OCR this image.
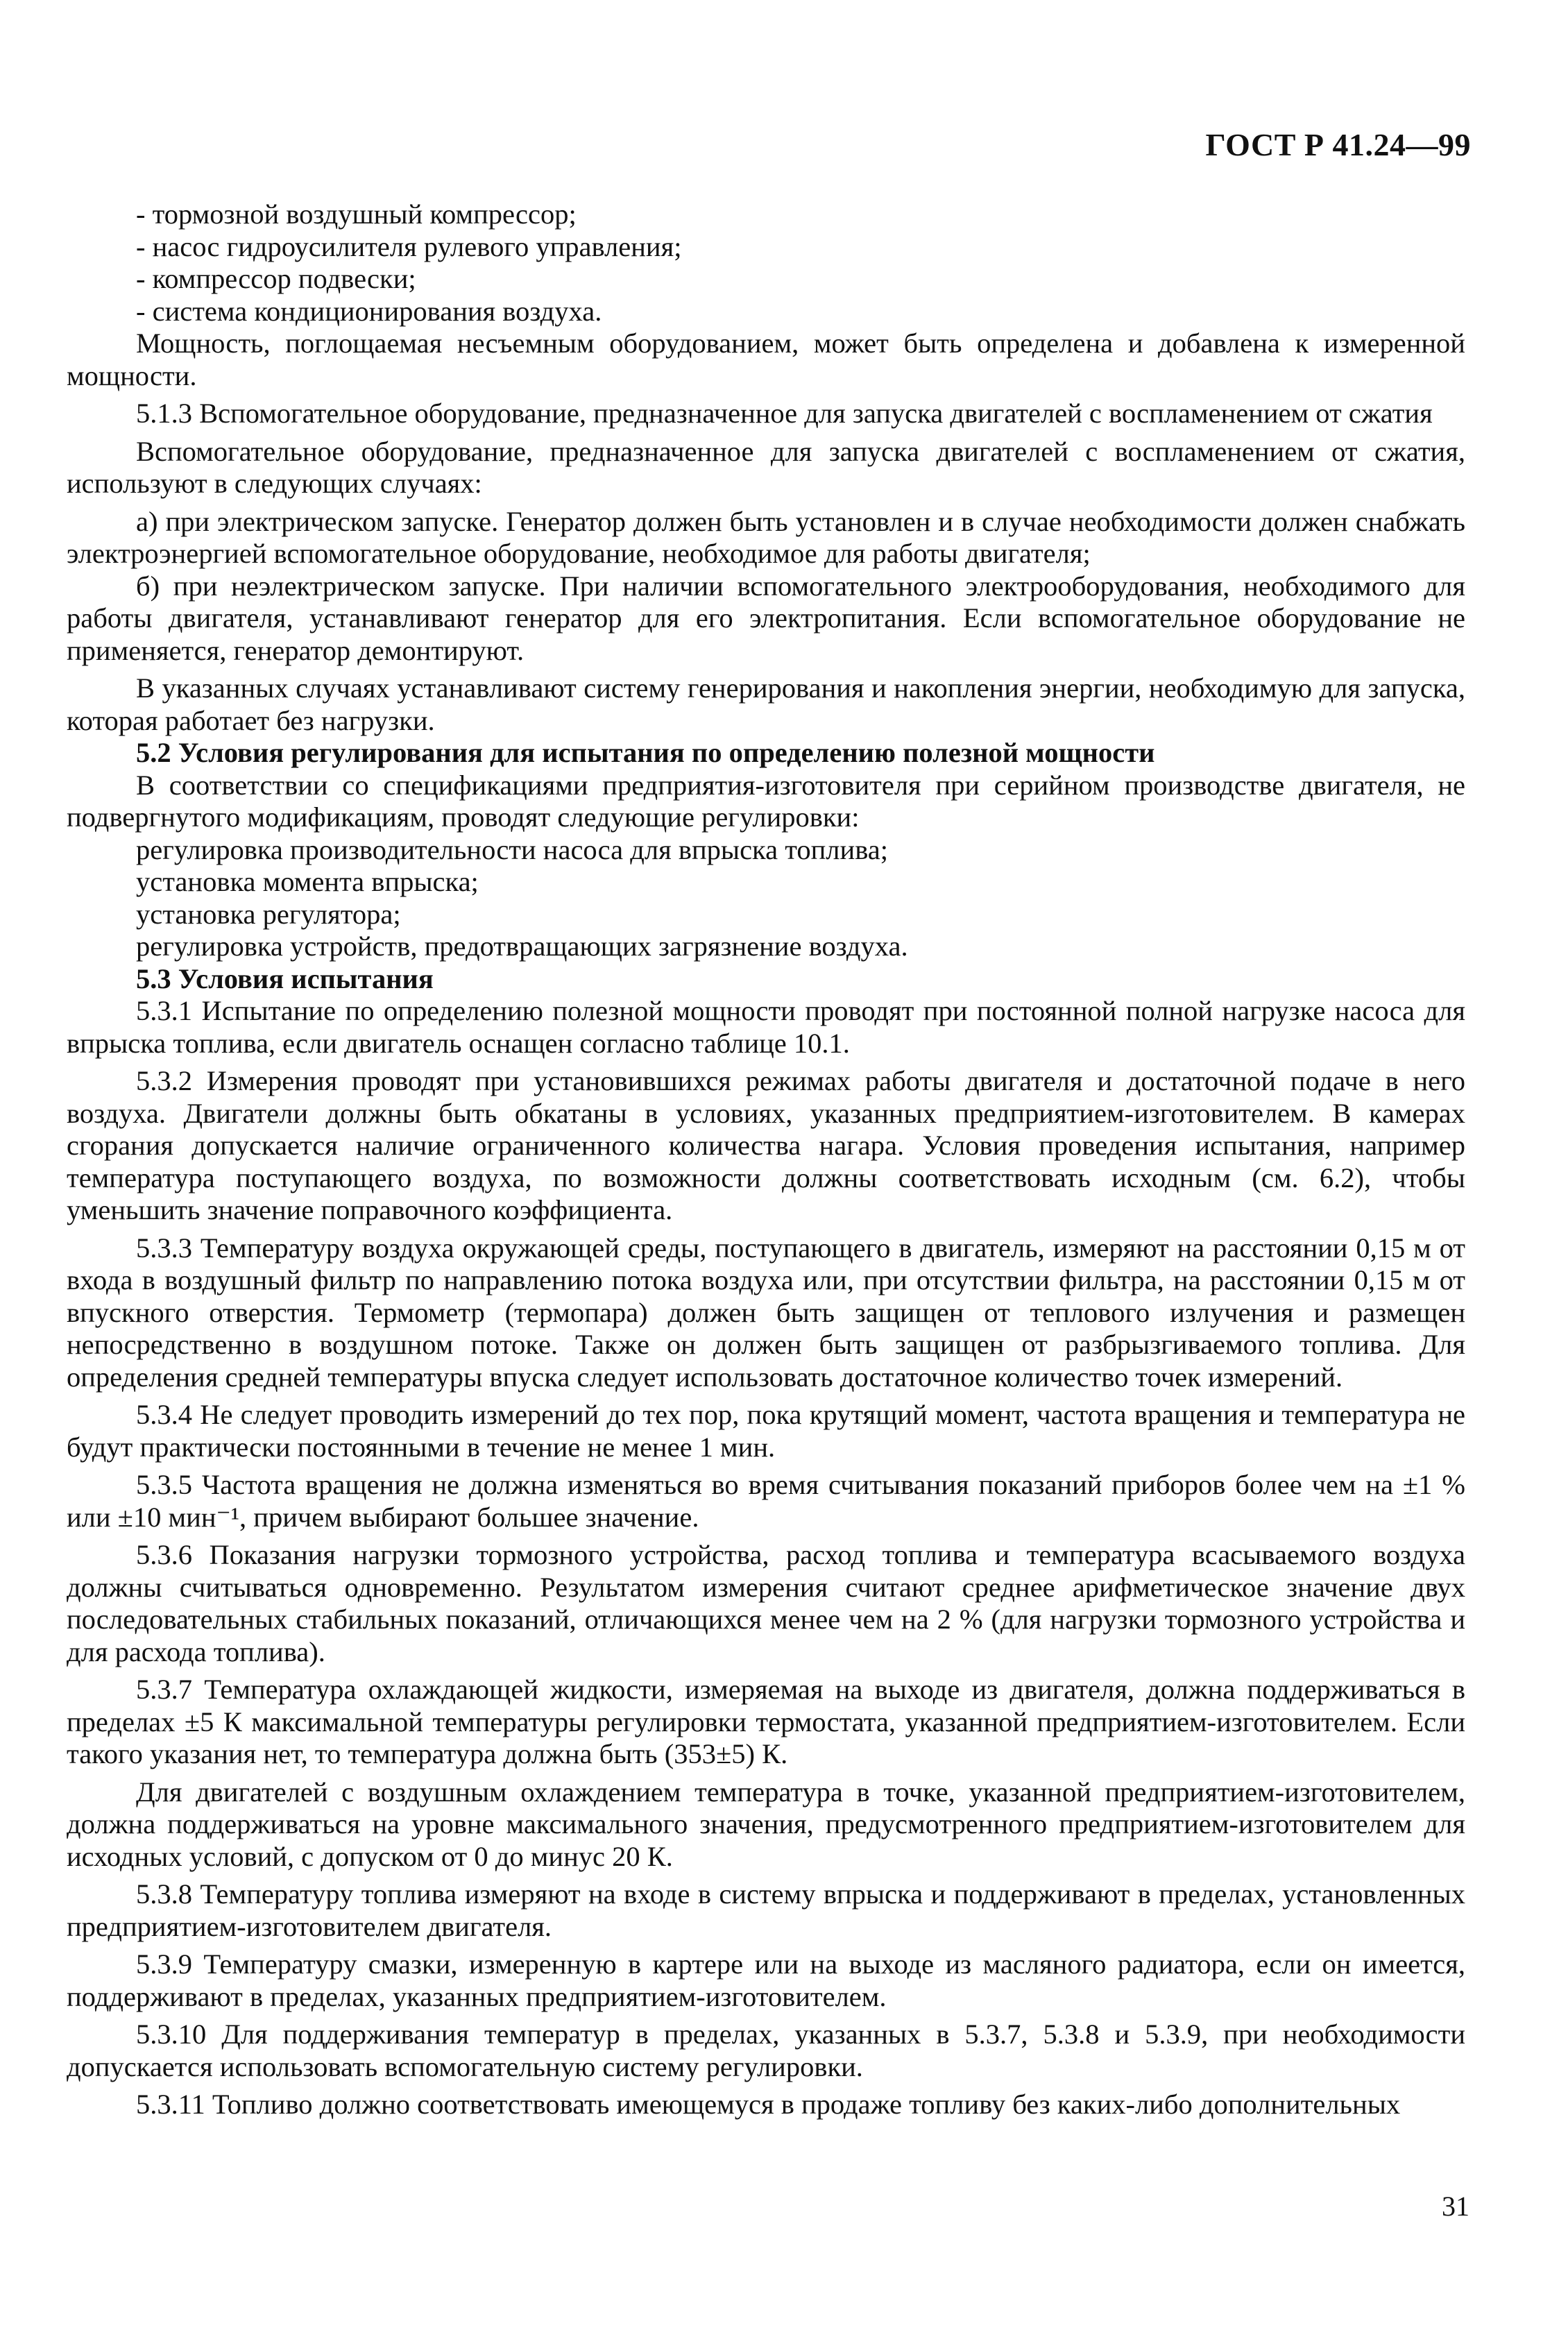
ГОСТ Р 41.24—99

- тормозной воздушный компрессор;

- насос гидроусилителя рулевого управления;

- компрессор подвески;

- система кондиционирования воздуха.

Мощность, поглощаемая несъемным оборудованием, может быть определена и добавлена к измеренной мощности.

5.1.3 Вспомогательное оборудование, предназначенное для запуска двигателей с воспламенением от сжатия

Вспомогательное оборудование, предназначенное для запуска двигателей с воспламенением от сжатия, используют в следующих случаях:

а) при электрическом запуске. Генератор должен быть установлен и в случае необходимости должен снабжать электроэнергией вспомогательное оборудование, необходимое для работы двигателя;

б) при неэлектрическом запуске. При наличии вспомогательного электрооборудования, необходимого для работы двигателя, устанавливают генератор для его электропитания. Если вспомогательное оборудование не применяется, генератор демонтируют.

В указанных случаях устанавливают систему генерирования и накопления энергии, необходимую для запуска, которая работает без нагрузки.

5.2 Условия регулирования для испытания по определению полезной мощности

В соответствии со спецификациями предприятия-изготовителя при серийном производстве двигателя, не подвергнутого модификациям, проводят следующие регулировки:

регулировка производительности насоса для впрыска топлива;

установка момента впрыска;

установка регулятора;

регулировка устройств, предотвращающих загрязнение воздуха.

5.3 Условия испытания

5.3.1 Испытание по определению полезной мощности проводят при постоянной полной нагрузке насоса для впрыска топлива, если двигатель оснащен согласно таблице 10.1.

5.3.2 Измерения проводят при установившихся режимах работы двигателя и достаточной подаче в него воздуха. Двигатели должны быть обкатаны в условиях, указанных предприятием-изготовителем. В камерах сгорания допускается наличие ограниченного количества нагара. Условия проведения испытания, например температура поступающего воздуха, по возможности должны соответствовать исходным (см. 6.2), чтобы уменьшить значение поправочного коэффициента.

5.3.3 Температуру воздуха окружающей среды, поступающего в двигатель, измеряют на расстоянии 0,15 м от входа в воздушный фильтр по направлению потока воздуха или, при отсутствии фильтра, на расстоянии 0,15 м от впускного отверстия. Термометр (термопара) должен быть защищен от теплового излучения и размещен непосредственно в воздушном потоке. Также он должен быть защищен от разбрызгиваемого топлива. Для определения средней температуры впуска следует использовать достаточное количество точек измерений.

5.3.4 Не следует проводить измерений до тех пор, пока крутящий момент, частота вращения и температура не будут практически постоянными в течение не менее 1 мин.

5.3.5 Частота вращения не должна изменяться во время считывания показаний приборов более чем на ±1 % или ±10 мин⁻¹, причем выбирают большее значение.

5.3.6 Показания нагрузки тормозного устройства, расход топлива и температура всасываемого воздуха должны считываться одновременно. Результатом измерения считают среднее арифметическое значение двух последовательных стабильных показаний, отличающихся менее чем на 2 % (для нагрузки тормозного устройства и для расхода топлива).

5.3.7 Температура охлаждающей жидкости, измеряемая на выходе из двигателя, должна поддерживаться в пределах ±5 К максимальной температуры регулировки термостата, указанной предприятием-изготовителем. Если такого указания нет, то температура должна быть (353±5) К.

Для двигателей с воздушным охлаждением температура в точке, указанной предприятием-изготовителем, должна поддерживаться на уровне максимального значения, предусмотренного предприятием-изготовителем для исходных условий, с допуском от 0 до минус 20 К.

5.3.8 Температуру топлива измеряют на входе в систему впрыска и поддерживают в пределах, установленных предприятием-изготовителем двигателя.

5.3.9 Температуру смазки, измеренную в картере или на выходе из масляного радиатора, если он имеется, поддерживают в пределах, указанных предприятием-изготовителем.

5.3.10 Для поддерживания температур в пределах, указанных в 5.3.7, 5.3.8 и 5.3.9, при необходимости допускается использовать вспомогательную систему регулировки.

5.3.11 Топливо должно соответствовать имеющемуся в продаже топливу без каких-либо дополнительных

31
